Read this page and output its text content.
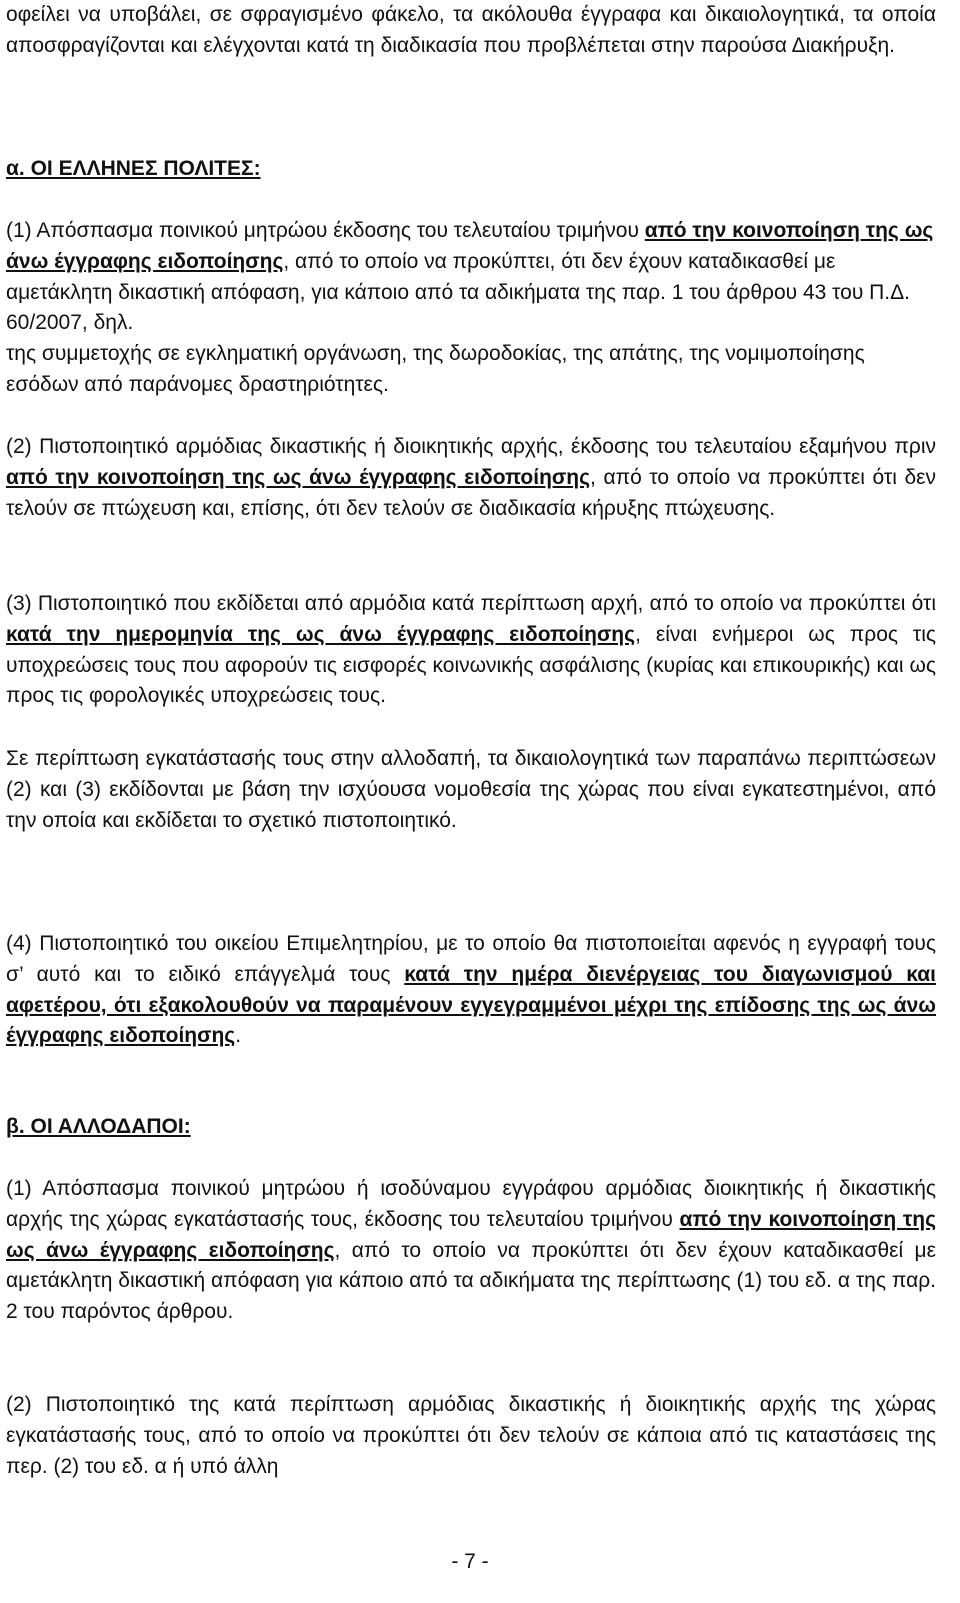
οφείλει να υποβάλει, σε σφραγισμένο φάκελο, τα ακόλουθα έγγραφα και δικαιολογητικά, τα οποία αποσφραγίζονται και ελέγχονται κατά τη διαδικασία που προβλέπεται στην παρούσα Διακήρυξη.

α. ΟΙ ΕΛΛΗΝΕΣ ΠΟΛΙΤΕΣ:

(1) Απόσπασμα ποινικού μητρώου έκδοσης του τελευταίου τριμήνου από την κοινοποίηση της ως άνω έγγραφης ειδοποίησης, από το οποίο να προκύπτει, ότι δεν έχουν καταδικασθεί με αμετάκλητη δικαστική απόφαση, για κάποιο από τα αδικήματα της παρ. 1 του άρθρου 43 του Π.Δ. 60/2007, δηλ.
της συμμετοχής σε εγκληματική οργάνωση, της δωροδοκίας, της απάτης, της νομιμοποίησης εσόδων από παράνομες δραστηριότητες.

(2) Πιστοποιητικό αρμόδιας δικαστικής ή διοικητικής αρχής, έκδοσης του τελευταίου εξαμήνου πριν από την κοινοποίηση της ως άνω έγγραφης ειδοποίησης, από το οποίο να προκύπτει ότι δεν τελούν σε πτώχευση και, επίσης, ότι δεν τελούν σε διαδικασία κήρυξης πτώχευσης.

(3) Πιστοποιητικό που εκδίδεται από αρμόδια κατά περίπτωση αρχή, από το οποίο να προκύπτει ότι κατά την ημερομηνία της ως άνω έγγραφης ειδοποίησης, είναι ενήμεροι ως προς τις υποχρεώσεις τους που αφορούν τις εισφορές κοινωνικής ασφάλισης (κυρίας και επικουρικής) και ως προς τις φορολογικές υποχρεώσεις τους.

Σε περίπτωση εγκατάστασής τους στην αλλοδαπή, τα δικαιολογητικά των παραπάνω περιπτώσεων (2) και (3) εκδίδονται με βάση την ισχύουσα νομοθεσία της χώρας που είναι εγκατεστημένοι, από την οποία και εκδίδεται το σχετικό πιστοποιητικό.

(4) Πιστοποιητικό του οικείου Επιμελητηρίου, με το οποίο θα πιστοποιείται αφενός η εγγραφή τους σ’ αυτό και το ειδικό επάγγελμά τους κατά την ημέρα διενέργειας του διαγωνισμού και αφετέρου, ότι εξακολουθούν να παραμένουν εγγεγραμμένοι μέχρι της επίδοσης της ως άνω έγγραφης ειδοποίησης.

β. ΟΙ ΑΛΛΟΔΑΠΟΙ:

(1) Απόσπασμα ποινικού μητρώου ή ισοδύναμου εγγράφου αρμόδιας διοικητικής ή δικαστικής αρχής της χώρας εγκατάστασής τους, έκδοσης του τελευταίου τριμήνου από την κοινοποίηση της ως άνω έγγραφης ειδοποίησης, από το οποίο να προκύπτει ότι δεν έχουν καταδικασθεί με αμετάκλητη δικαστική απόφαση για κάποιο από τα αδικήματα της περίπτωσης (1) του εδ. α της παρ. 2 του παρόντος άρθρου.

(2) Πιστοποιητικό της κατά περίπτωση αρμόδιας δικαστικής ή διοικητικής αρχής της χώρας εγκατάστασής τους, από το οποίο να προκύπτει ότι δεν τελούν σε κάποια από τις καταστάσεις της περ. (2) του εδ. α ή υπό άλλη

- 7 -
